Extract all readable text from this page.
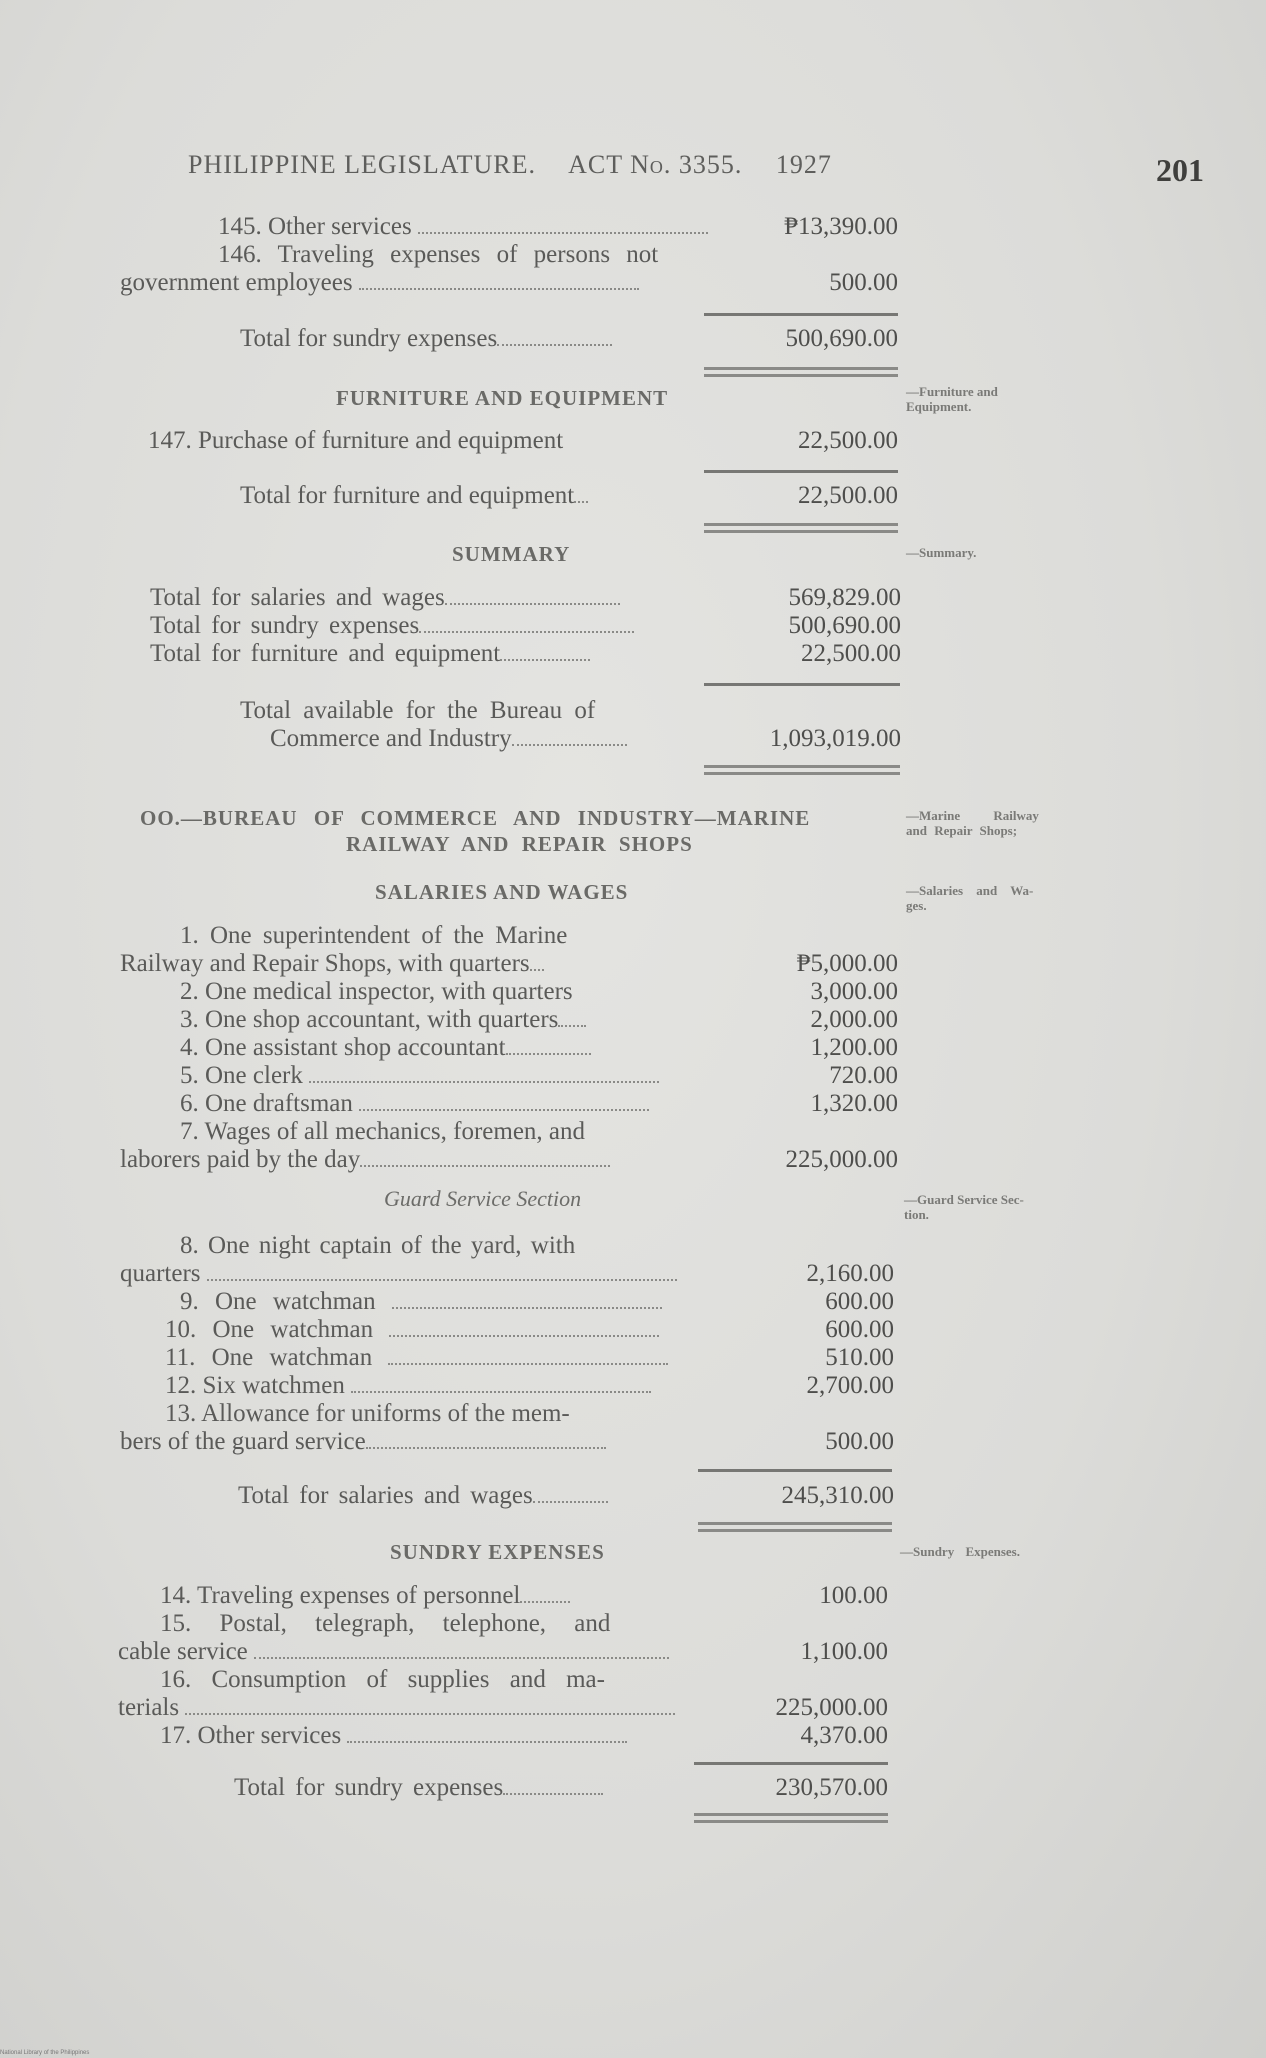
PHILIPPINE LEGISLATURE. ACT No. 3355. 1927	201
145. Other services	₱13,390.00
146. Traveling expenses of persons not
government employees	500.00
Total for sundry expenses	500,690.00
FURNITURE AND EQUIPMENT	—Furniture and
Equipment.
147. Purchase of furniture and equipment	22,500.00
Total for furniture and equipment	22,500.00
SUMMARY	—Summary.
Total for salaries and wages	569,829.00
Total for sundry expenses	500,690.00
Total for furniture and equipment	22,500.00
Total available for the Bureau of
Commerce and Industry	1,093,019.00
OO.—BUREAU OF COMMERCE AND INDUSTRY—MARINE
RAILWAY AND REPAIR SHOPS
—Marine Railway
and Repair Shops;
SALARIES AND WAGES	—Salaries and Wa-
ges.
1. One superintendent of the Marine
Railway and Repair Shops, with quarters	₱5,000.00
2. One medical inspector, with quarters	3,000.00
3. One shop accountant, with quarters	2,000.00
4. One assistant shop accountant	1,200.00
5. One clerk	720.00
6. One draftsman	1,320.00
7. Wages of all mechanics, foremen, and
laborers paid by the day	225,000.00
Guard Service Section	—Guard Service Sec-
tion.
8. One night captain of the yard, with
quarters	2,160.00
9. One watchman	600.00
10. One watchman	600.00
11. One watchman	510.00
12. Six watchmen	2,700.00
13. Allowance for uniforms of the mem-
bers of the guard service	500.00
Total for salaries and wages	245,310.00
SUNDRY EXPENSES	—Sundry Expenses.
14. Traveling expenses of personnel	100.00
15. Postal, telegraph, telephone, and
cable service	1,100.00
16. Consumption of supplies and ma-
terials	225,000.00
17. Other services	4,370.00
Total for sundry expenses	230,570.00
National Library of the Philippines
